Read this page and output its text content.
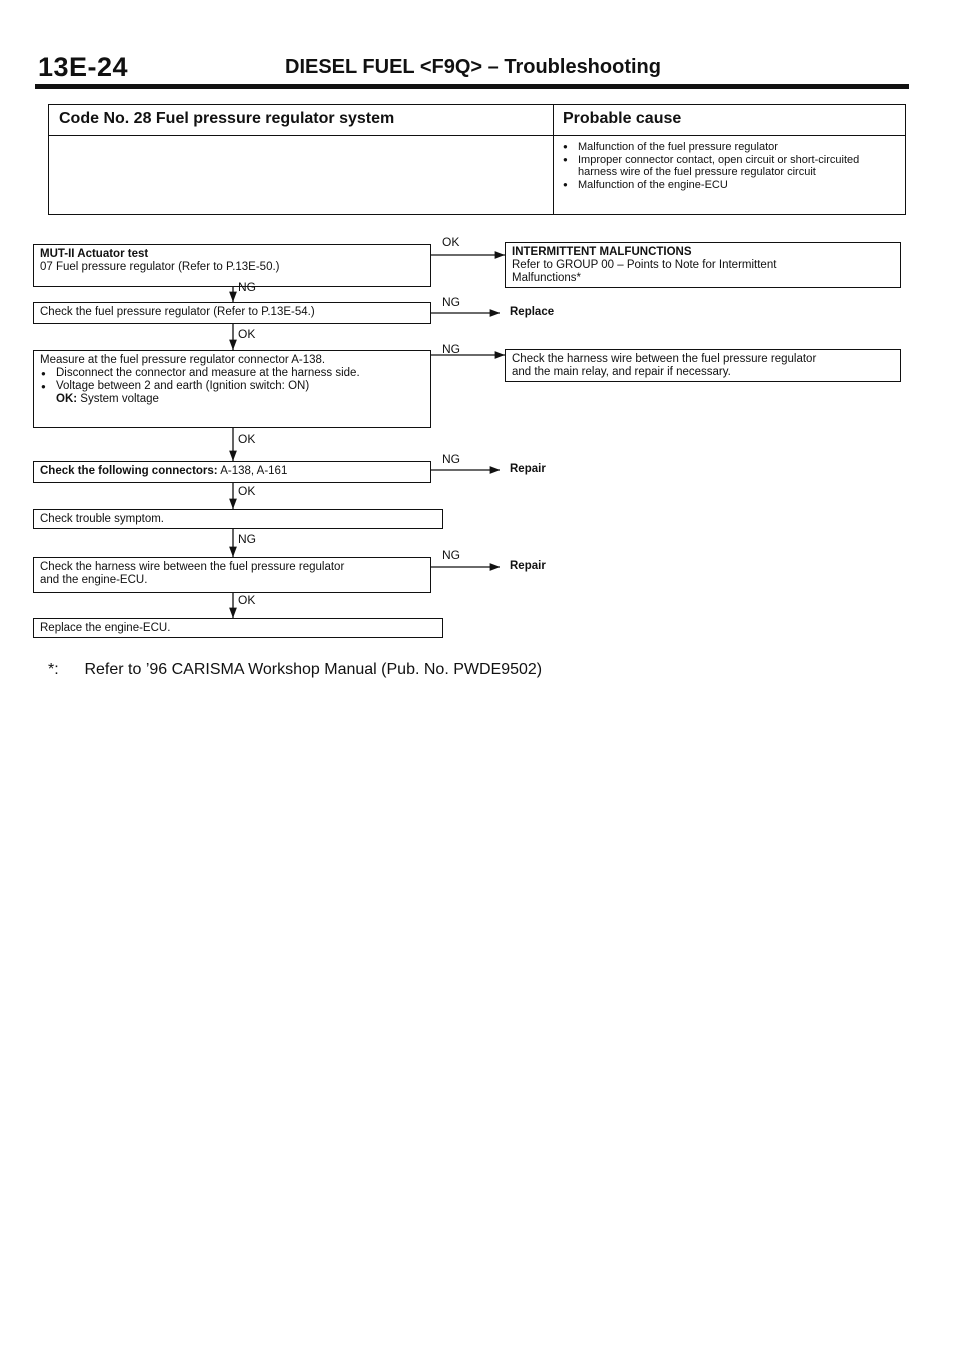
13E-24	DIESEL FUEL <F9Q> – Troubleshooting
Code No. 28 Fuel pressure regulator system	Probable cause
● Malfunction of the fuel pressure regulator
● Improper connector contact, open circuit or short-circuited harness wire of the fuel pressure regulator circuit
● Malfunction of the engine-ECU
MUT-II Actuator test
07 Fuel pressure regulator (Refer to P.13E-50.)
OK
NG
INTERMITTENT MALFUNCTIONS
Refer to GROUP 00 – Points to Note for Intermittent
Malfunctions*
Check the fuel pressure regulator (Refer to P.13E-54.)
NG
Replace
OK
Measure at the fuel pressure regulator connector A-138.
● Disconnect the connector and measure at the harness side.
● Voltage between 2 and earth (Ignition switch: ON)
OK: System voltage
NG
OK
Check the harness wire between the fuel pressure regulator
and the main relay, and repair if necessary.
Check the following connectors: A-138, A-161
NG
Repair
OK
Check trouble symptom.
NG
Check the harness wire between the fuel pressure regulator
and the engine-ECU.
NG
Repair
OK
Replace the engine-ECU.
*: Refer to ’96 CARISMA Workshop Manual (Pub. No. PWDE9502)
